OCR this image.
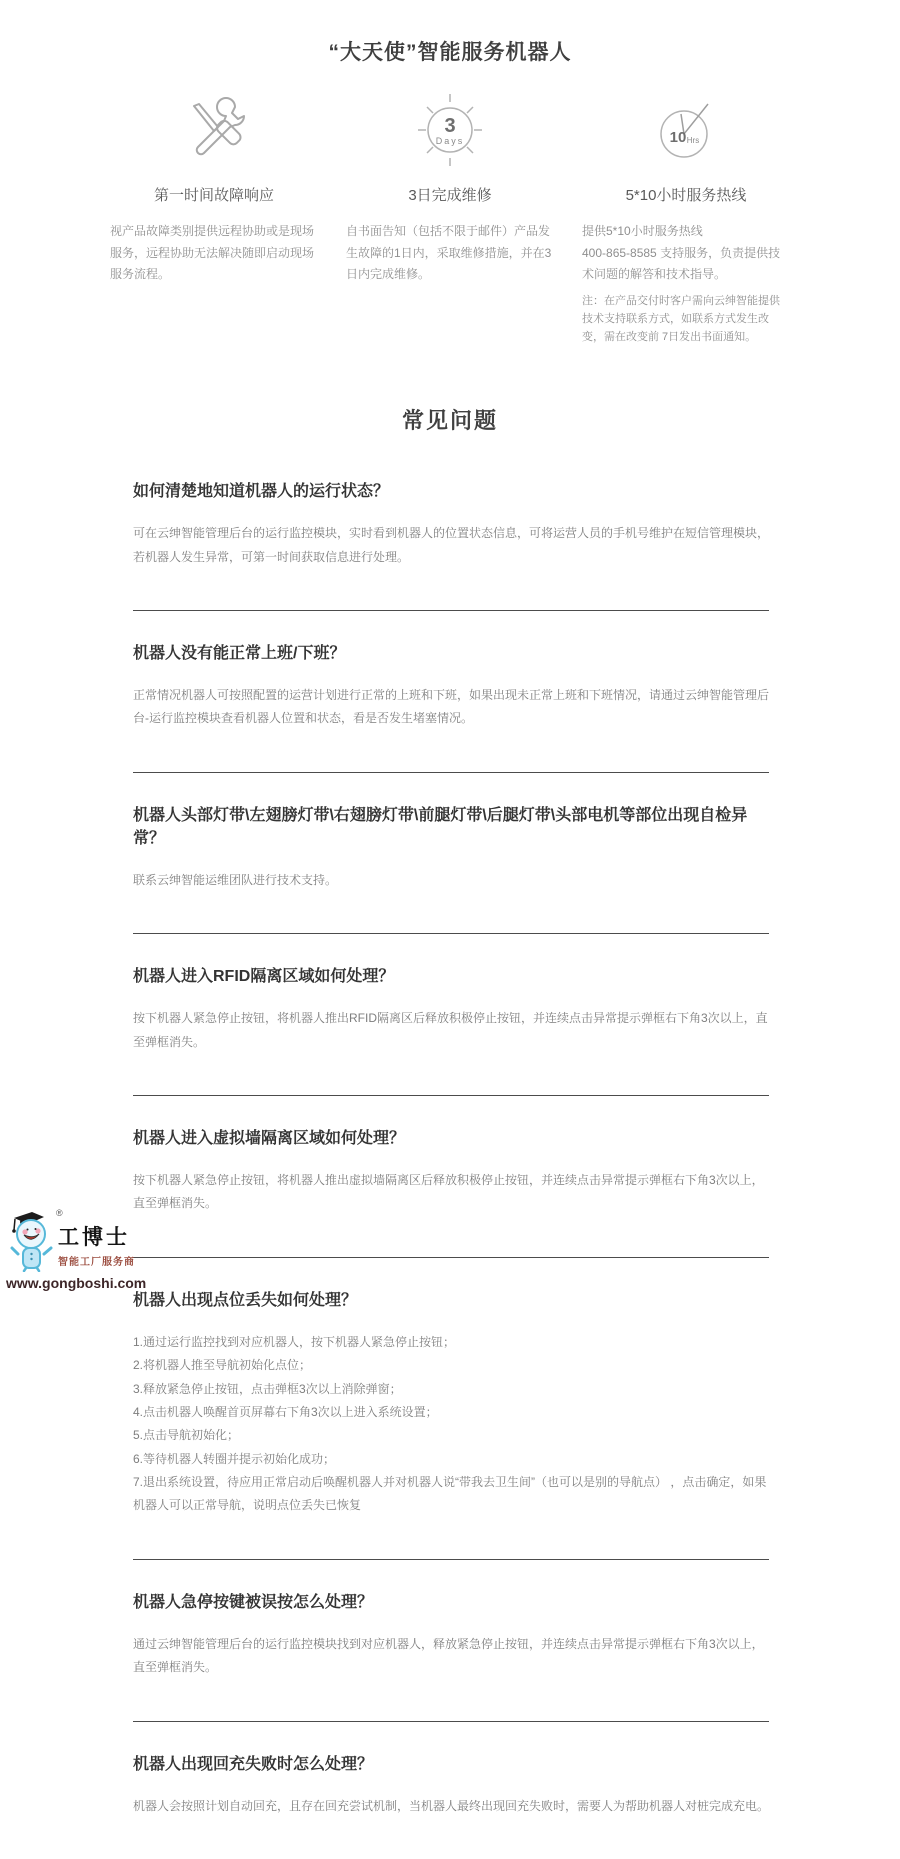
“大天使”智能服务机器人
第一时间故障响应

视产品故障类别提供远程协助或是现场服务，远程协助无法解决随即启动现场服务流程。

3
Days
3日完成维修

自书面告知（包括不限于邮件）产品发生故障的1日内，采取维修措施，并在3日内完成维修。

10 Hrs
5*10小时服务热线

提供5*10小时服务热线

400-865-8585 支持服务，负责提供技术问题的解答和技术指导。

注：在产品交付时客户需向云绅智能提供技术支持联系方式，如联系方式发生改变，需在改变前 7日发出书面通知。

常见问题
如何清楚地知道机器人的运行状态？
可在云绅智能管理后台的运行监控模块，实时看到机器人的位置状态信息，可将运营人员的手机号维护在短信管理模块，若机器人发生异常，可第一时间获取信息进行处理。
机器人没有能正常上班/下班？
正常情况机器人可按照配置的运营计划进行正常的上班和下班，如果出现未正常上班和下班情况，请通过云绅智能管理后台-运行监控模块查看机器人位置和状态，看是否发生堵塞情况。
机器人头部灯带\左翅膀灯带\右翅膀灯带\前腿灯带\后腿灯带\头部电机等部位出现自检异常？
联系云绅智能运维团队进行技术支持。
机器人进入RFID隔离区域如何处理？
按下机器人紧急停止按钮，将机器人推出RFID隔离区后释放积极停止按钮，并连续点击异常提示弹框右下角3次以上，直至弹框消失。
机器人进入虚拟墙隔离区域如何处理？
按下机器人紧急停止按钮，将机器人推出虚拟墙隔离区后释放积极停止按钮，并连续点击异常提示弹框右下角3次以上，直至弹框消失。
机器人出现点位丢失如何处理？
1.通过运行监控找到对应机器人，按下机器人紧急停止按钮；
2.将机器人推至导航初始化点位；
3.释放紧急停止按钮，点击弹框3次以上消除弹窗；
4.点击机器人唤醒首页屏幕右下角3次以上进入系统设置；
5.点击导航初始化；
6.等待机器人转圈并提示初始化成功；
7.退出系统设置，待应用正常启动后唤醒机器人并对机器人说“带我去卫生间”（也可以是别的导航点） ，点击确定，如果机器人可以正常导航，说明点位丢失已恢复
机器人急停按键被误按怎么处理？
通过云绅智能管理后台的运行监控模块找到对应机器人，释放紧急停止按钮，并连续点击异常提示弹框右下角3次以上，直至弹框消失。
机器人出现回充失败时怎么处理？
机器人会按照计划自动回充，且存在回充尝试机制，当机器人最终出现回充失败时，需要人为帮助机器人对桩完成充电。
®
工博士
智能工厂服务商
www.gongboshi.com
